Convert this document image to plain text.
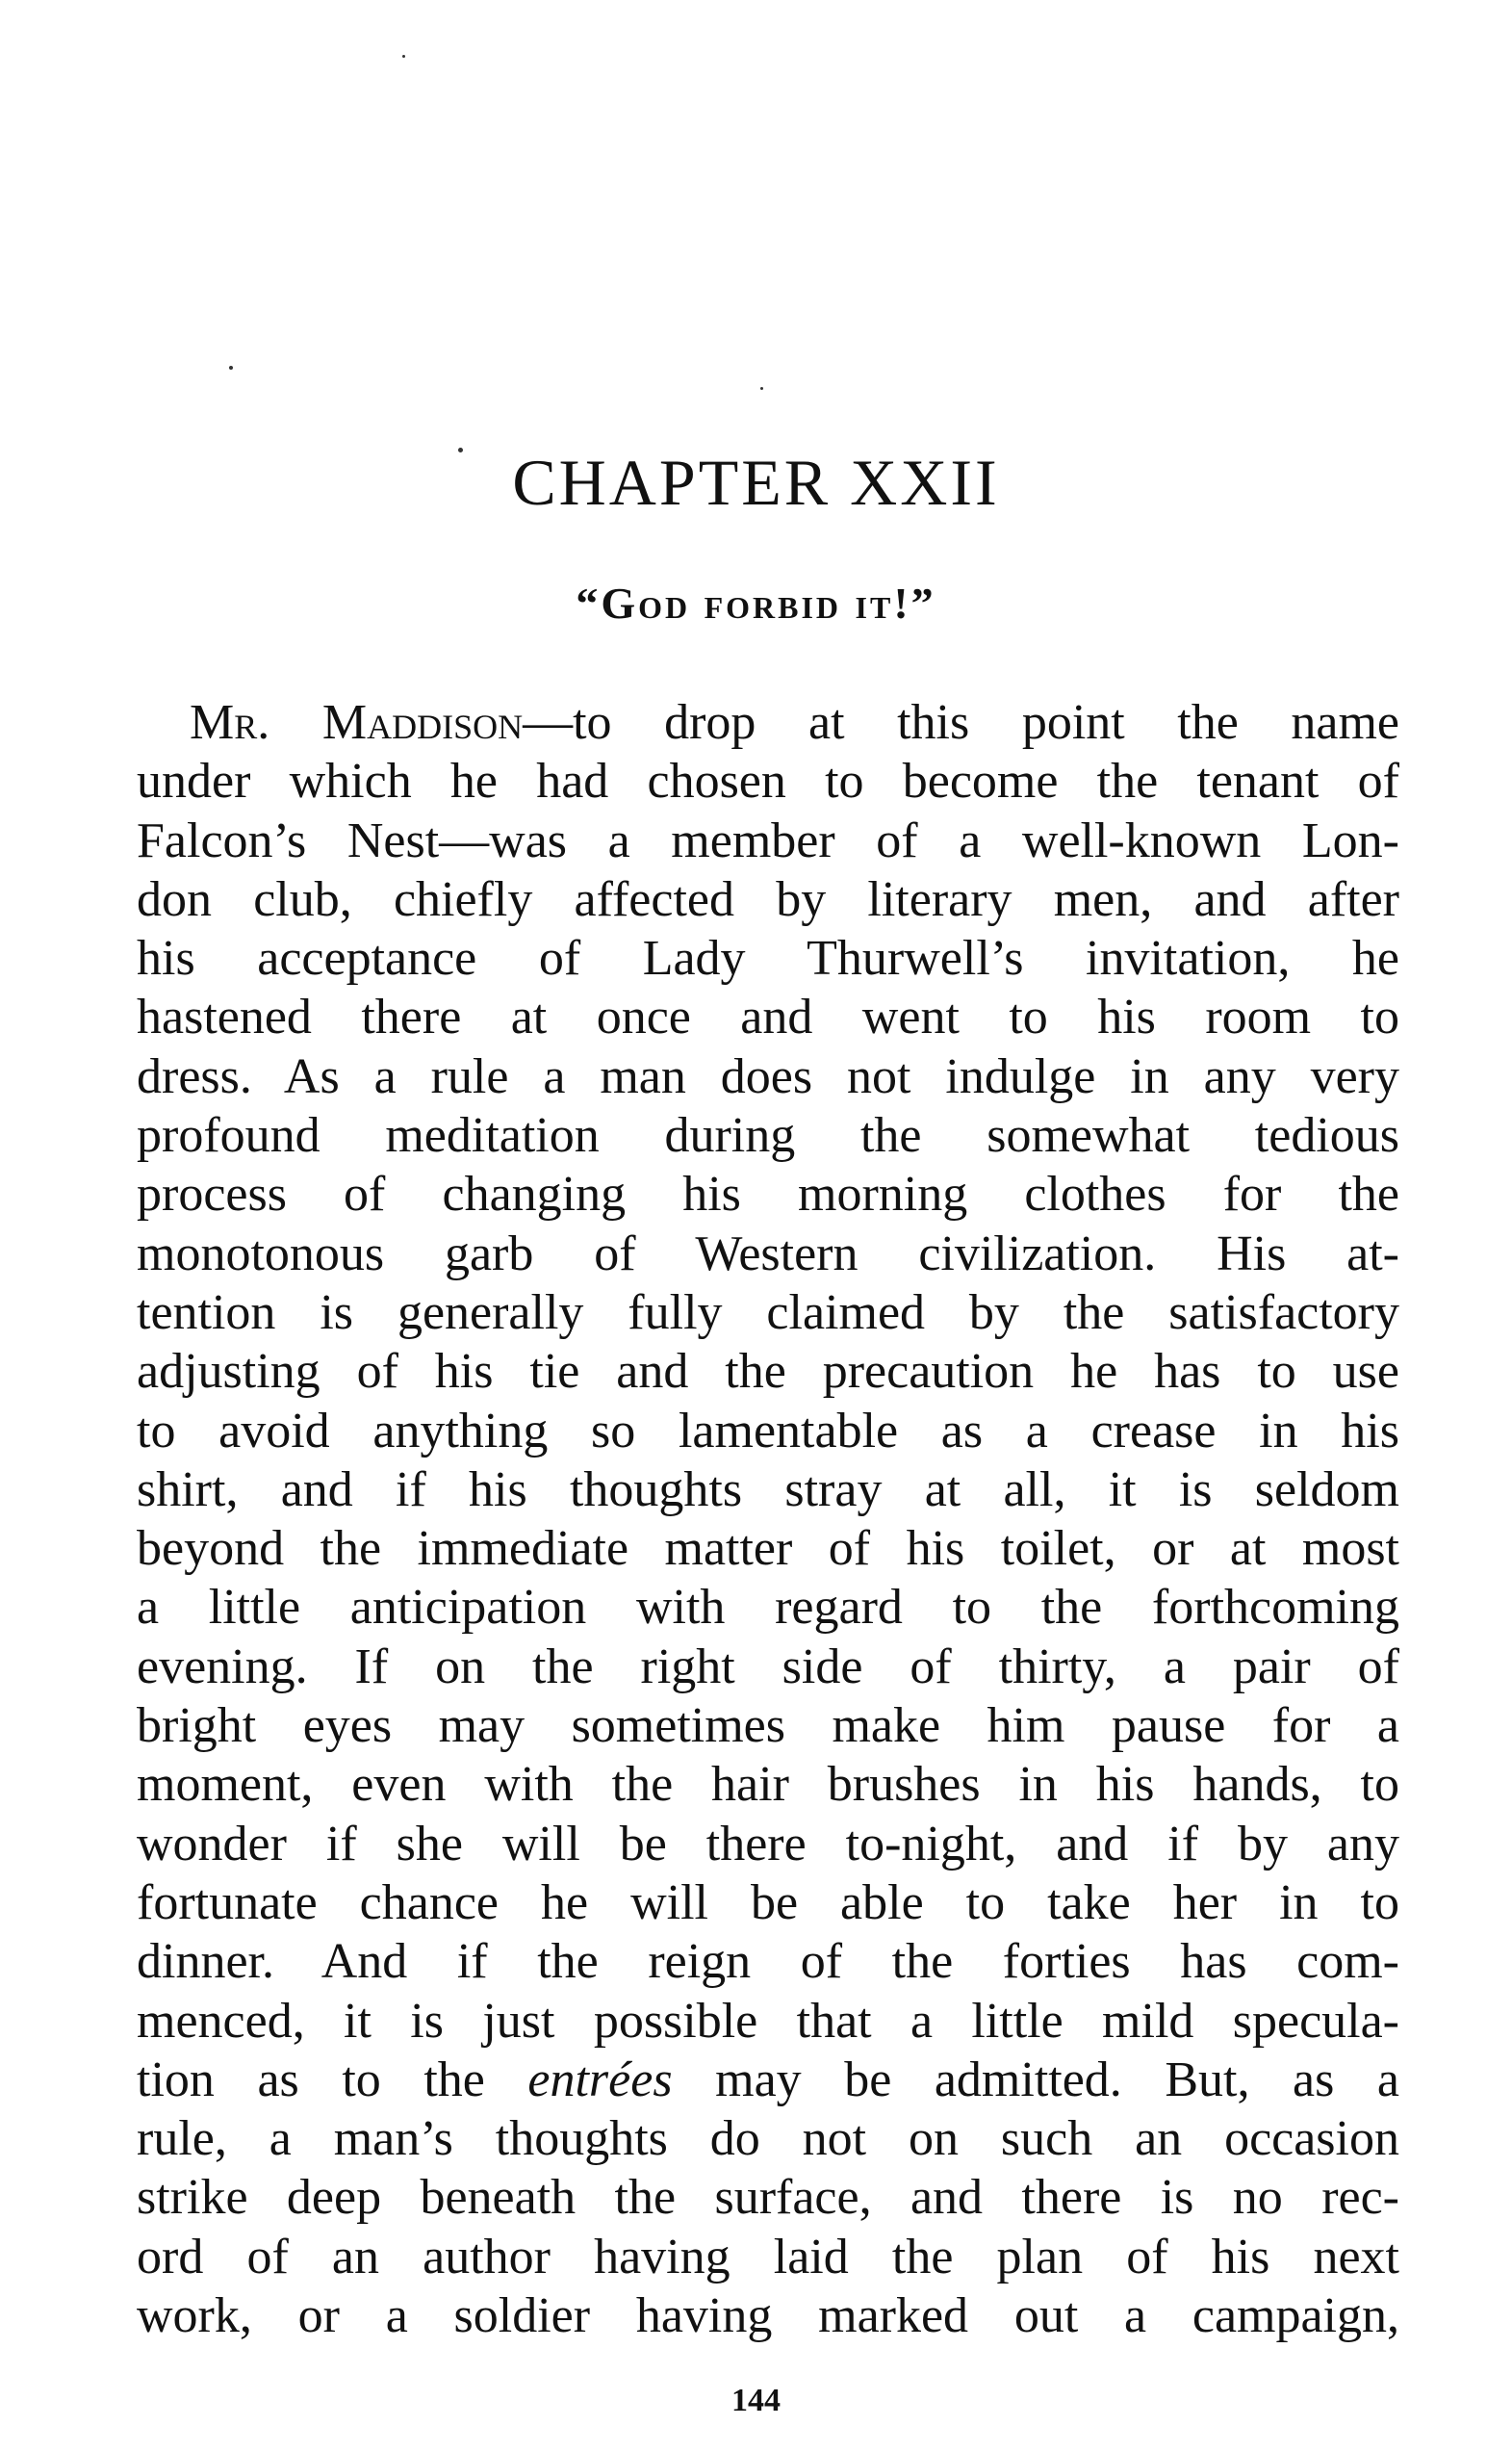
CHAPTER XXII
“God forbid it!”
Mr. Maddison—to drop at this point the name
under which he had chosen to become the tenant of
Falcon’s Nest—was a member of a well-known Lon-
don club, chiefly affected by literary men, and after
his acceptance of Lady Thurwell’s invitation, he
hastened there at once and went to his room to
dress. As a rule a man does not indulge in any very
profound meditation during the somewhat tedious
process of changing his morning clothes for the
monotonous garb of Western civilization. His at-
tention is generally fully claimed by the satisfactory
adjusting of his tie and the precaution he has to use
to avoid anything so lamentable as a crease in his
shirt, and if his thoughts stray at all, it is seldom
beyond the immediate matter of his toilet, or at most
a little anticipation with regard to the forthcoming
evening. If on the right side of thirty, a pair of
bright eyes may sometimes make him pause for a
moment, even with the hair brushes in his hands, to
wonder if she will be there to-night, and if by any
fortunate chance he will be able to take her in to
dinner. And if the reign of the forties has com-
menced, it is just possible that a little mild specula-
tion as to the entrées may be admitted. But, as a
rule, a man’s thoughts do not on such an occasion
strike deep beneath the surface, and there is no rec-
ord of an author having laid the plan of his next
work, or a soldier having marked out a campaign,
144
